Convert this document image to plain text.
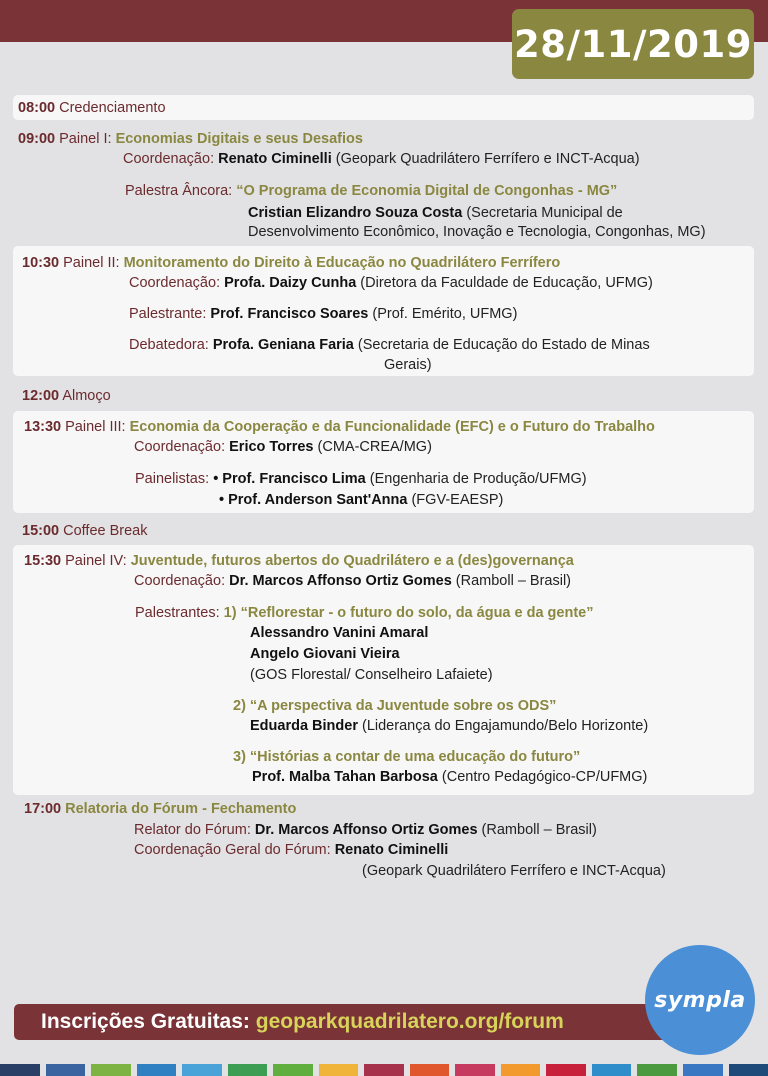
28/11/2019
08:00 Credenciamento
09:00 Painel I: Economias Digitais e seus Desafios
Coordenação: Renato Ciminelli (Geopark Quadrilátero Ferrífero e INCT-Acqua)
Palestra Âncora: “O Programa de Economia Digital de Congonhas - MG”
Cristian Elizandro Souza Costa (Secretaria Municipal de
Desenvolvimento Econômico, Inovação e Tecnologia, Congonhas, MG)
10:30 Painel II: Monitoramento do Direito à Educação no Quadrilátero Ferrífero
Coordenação: Profa. Daizy Cunha (Diretora da Faculdade de Educação, UFMG)
Palestrante: Prof. Francisco Soares (Prof. Emérito, UFMG)
Debatedora: Profa. Geniana Faria (Secretaria de Educação do Estado de Minas
Gerais)
12:00 Almoço
13:30 Painel III: Economia da Cooperação e da Funcionalidade (EFC) e o Futuro do Trabalho
Coordenação: Erico Torres (CMA-CREA/MG)
Painelistas: • Prof. Francisco Lima (Engenharia de Produção/UFMG)
• Prof. Anderson Sant'Anna (FGV-EAESP)
15:00 Coffee Break
15:30 Painel IV: Juventude, futuros abertos do Quadrilátero e a (des)governança
Coordenação: Dr. Marcos Affonso Ortiz Gomes (Ramboll – Brasil)
Palestrantes: 1) “Reflorestar - o futuro do solo, da água e da gente”
Alessandro Vanini Amaral
Angelo Giovani Vieira
(GOS Florestal/ Conselheiro Lafaiete)
2) “A perspectiva da Juventude sobre os ODS”
Eduarda Binder (Liderança do Engajamundo/Belo Horizonte)
3) “Histórias a contar de uma educação do futuro”
Prof. Malba Tahan Barbosa (Centro Pedagógico-CP/UFMG)
17:00 Relatoria do Fórum - Fechamento
Relator do Fórum: Dr. Marcos Affonso Ortiz Gomes (Ramboll – Brasil)
Coordenação Geral do Fórum: Renato Ciminelli
(Geopark Quadrilátero Ferrífero e INCT-Acqua)
Inscrições Gratuitas: geoparkquadrilatero.org/forum
sympla
